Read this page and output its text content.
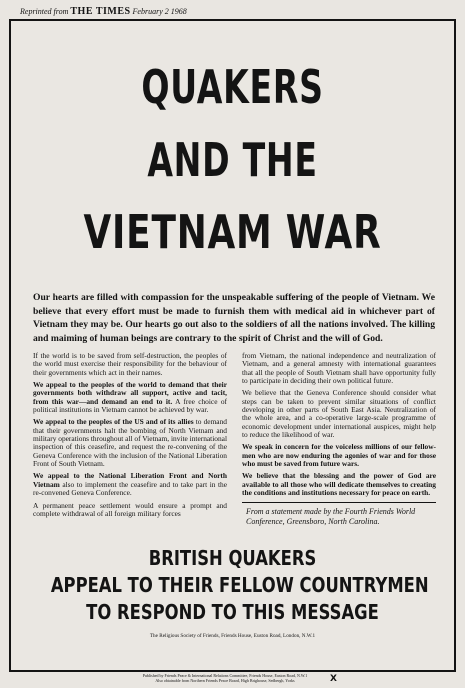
Reprinted from THE TIMES February 2 1968
QUAKERS
AND THE
VIETNAM WAR
Our hearts are filled with compassion for the unspeakable suffering of the people of Vietnam. We believe that every effort must be made to furnish them with medical aid in whichever part of Vietnam they may be. Our hearts go out also to the soldiers of all the nations involved. The killing and maiming of human beings are contrary to the spirit of Christ and the will of God.

If the world is to be saved from self-destruction, the peoples of the world must exercise their responsibility for the behaviour of their governments which act in their names.

We appeal to the peoples of the world to demand that their governments both withdraw all support, active and tacit, from this war—and demand an end to it. A free choice of political institutions in Vietnam cannot be achieved by war.

We appeal to the peoples of the US and of its allies to demand that their governments halt the bombing of North Vietnam and military operations throughout all of Vietnam, invite international inspection of this ceasefire, and request the re-convening of the Geneva Conference with the inclusion of the National Liberation Front of South Vietnam.

We appeal to the National Liberation Front and North Vietnam also to implement the ceasefire and to take part in the re-convened Geneva Conference.

A permanent peace settlement would ensure a prompt and complete withdrawal of all foreign military forces

from Vietnam, the national independence and neutralization of Vietnam, and a general amnesty with international guarantees that all the people of South Vietnam shall have opportunity fully to participate in deciding their own political future.

We believe that the Geneva Conference should consider what steps can be taken to prevent similar situations of conflict developing in other parts of South East Asia. Neutralization of the whole area, and a co-operative large-scale programme of economic development under international auspices, might help to reduce the likelihood of war.

We speak in concern for the voiceless millions of our fellow-men who are now enduring the agonies of war and for those who must be saved from future wars.

We believe that the blessing and the power of God are available to all those who will dedicate themselves to creating the conditions and institutions necessary for peace on earth.

From a statement made by the Fourth Friends World Conference, Greensboro, North Carolina.

BRITISH QUAKERS
APPEAL TO THEIR FELLOW COUNTRYMEN
TO RESPOND TO THIS MESSAGE
The Religious Society of Friends, Friends House, Euston Road, London, N.W.1
Published by Friends Peace & International Relations Committee, Friends House, Euston Road, N.W.1
Also obtainable from Northern Friends Peace Board, High Brighouse, Sedbergh, Yorks	X
